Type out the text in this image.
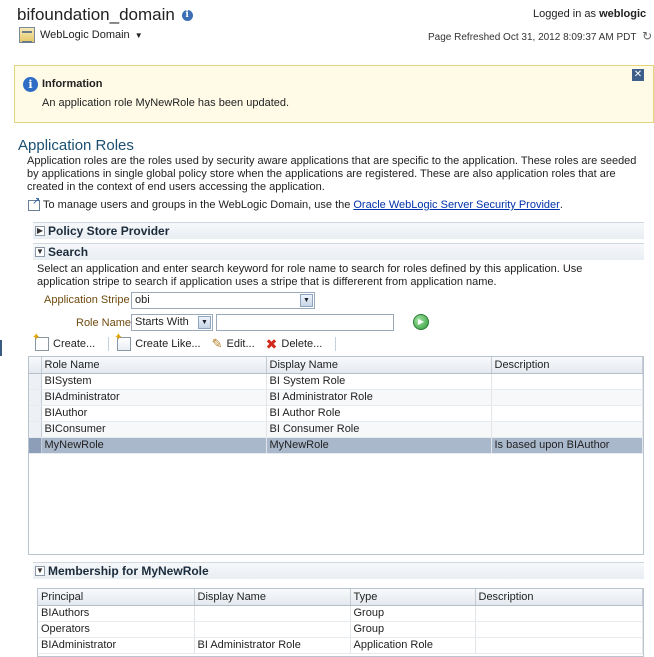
bifoundation_domain i
WebLogic Domain ▼
Logged in as weblogic
Page Refreshed Oct 31, 2012 8:09:37 AM PDT ↻
✕
i Information
An application role MyNewRole has been updated.
Application Roles
Application roles are the roles used by security aware applications that are specific to the application. These roles are seeded by applications in single global policy store when the applications are registered. These are also application roles that are created in the context of end users accessing the application.
↗
To manage users and groups in the WebLogic Domain, use the Oracle WebLogic Server Security Provider .
▶ Policy Store Provider
▼ Search
Select an application and enter search keyword for role name to search for roles defined by this application. Use application stripe to search if application uses a stripe that is differerent from application name.
Application Stripe obi	▼
Role Name Starts With	▼	▶
✦
Create... ✦	Create Like... ✎ Edit... ✖ Delete...
	Role Name	Display Name	Description
	BISystem	BI System Role	
	BIAdministrator	BI Administrator Role	
	BIAuthor	BI Author Role	
	BIConsumer	BI Consumer Role	
	MyNewRole	MyNewRole	Is based upon BIAuthor
▼ Membership for MyNewRole
Principal	Display Name	Type	Description
BIAuthors		Group	
Operators		Group	
BIAdministrator	BI Administrator Role	Application Role	
